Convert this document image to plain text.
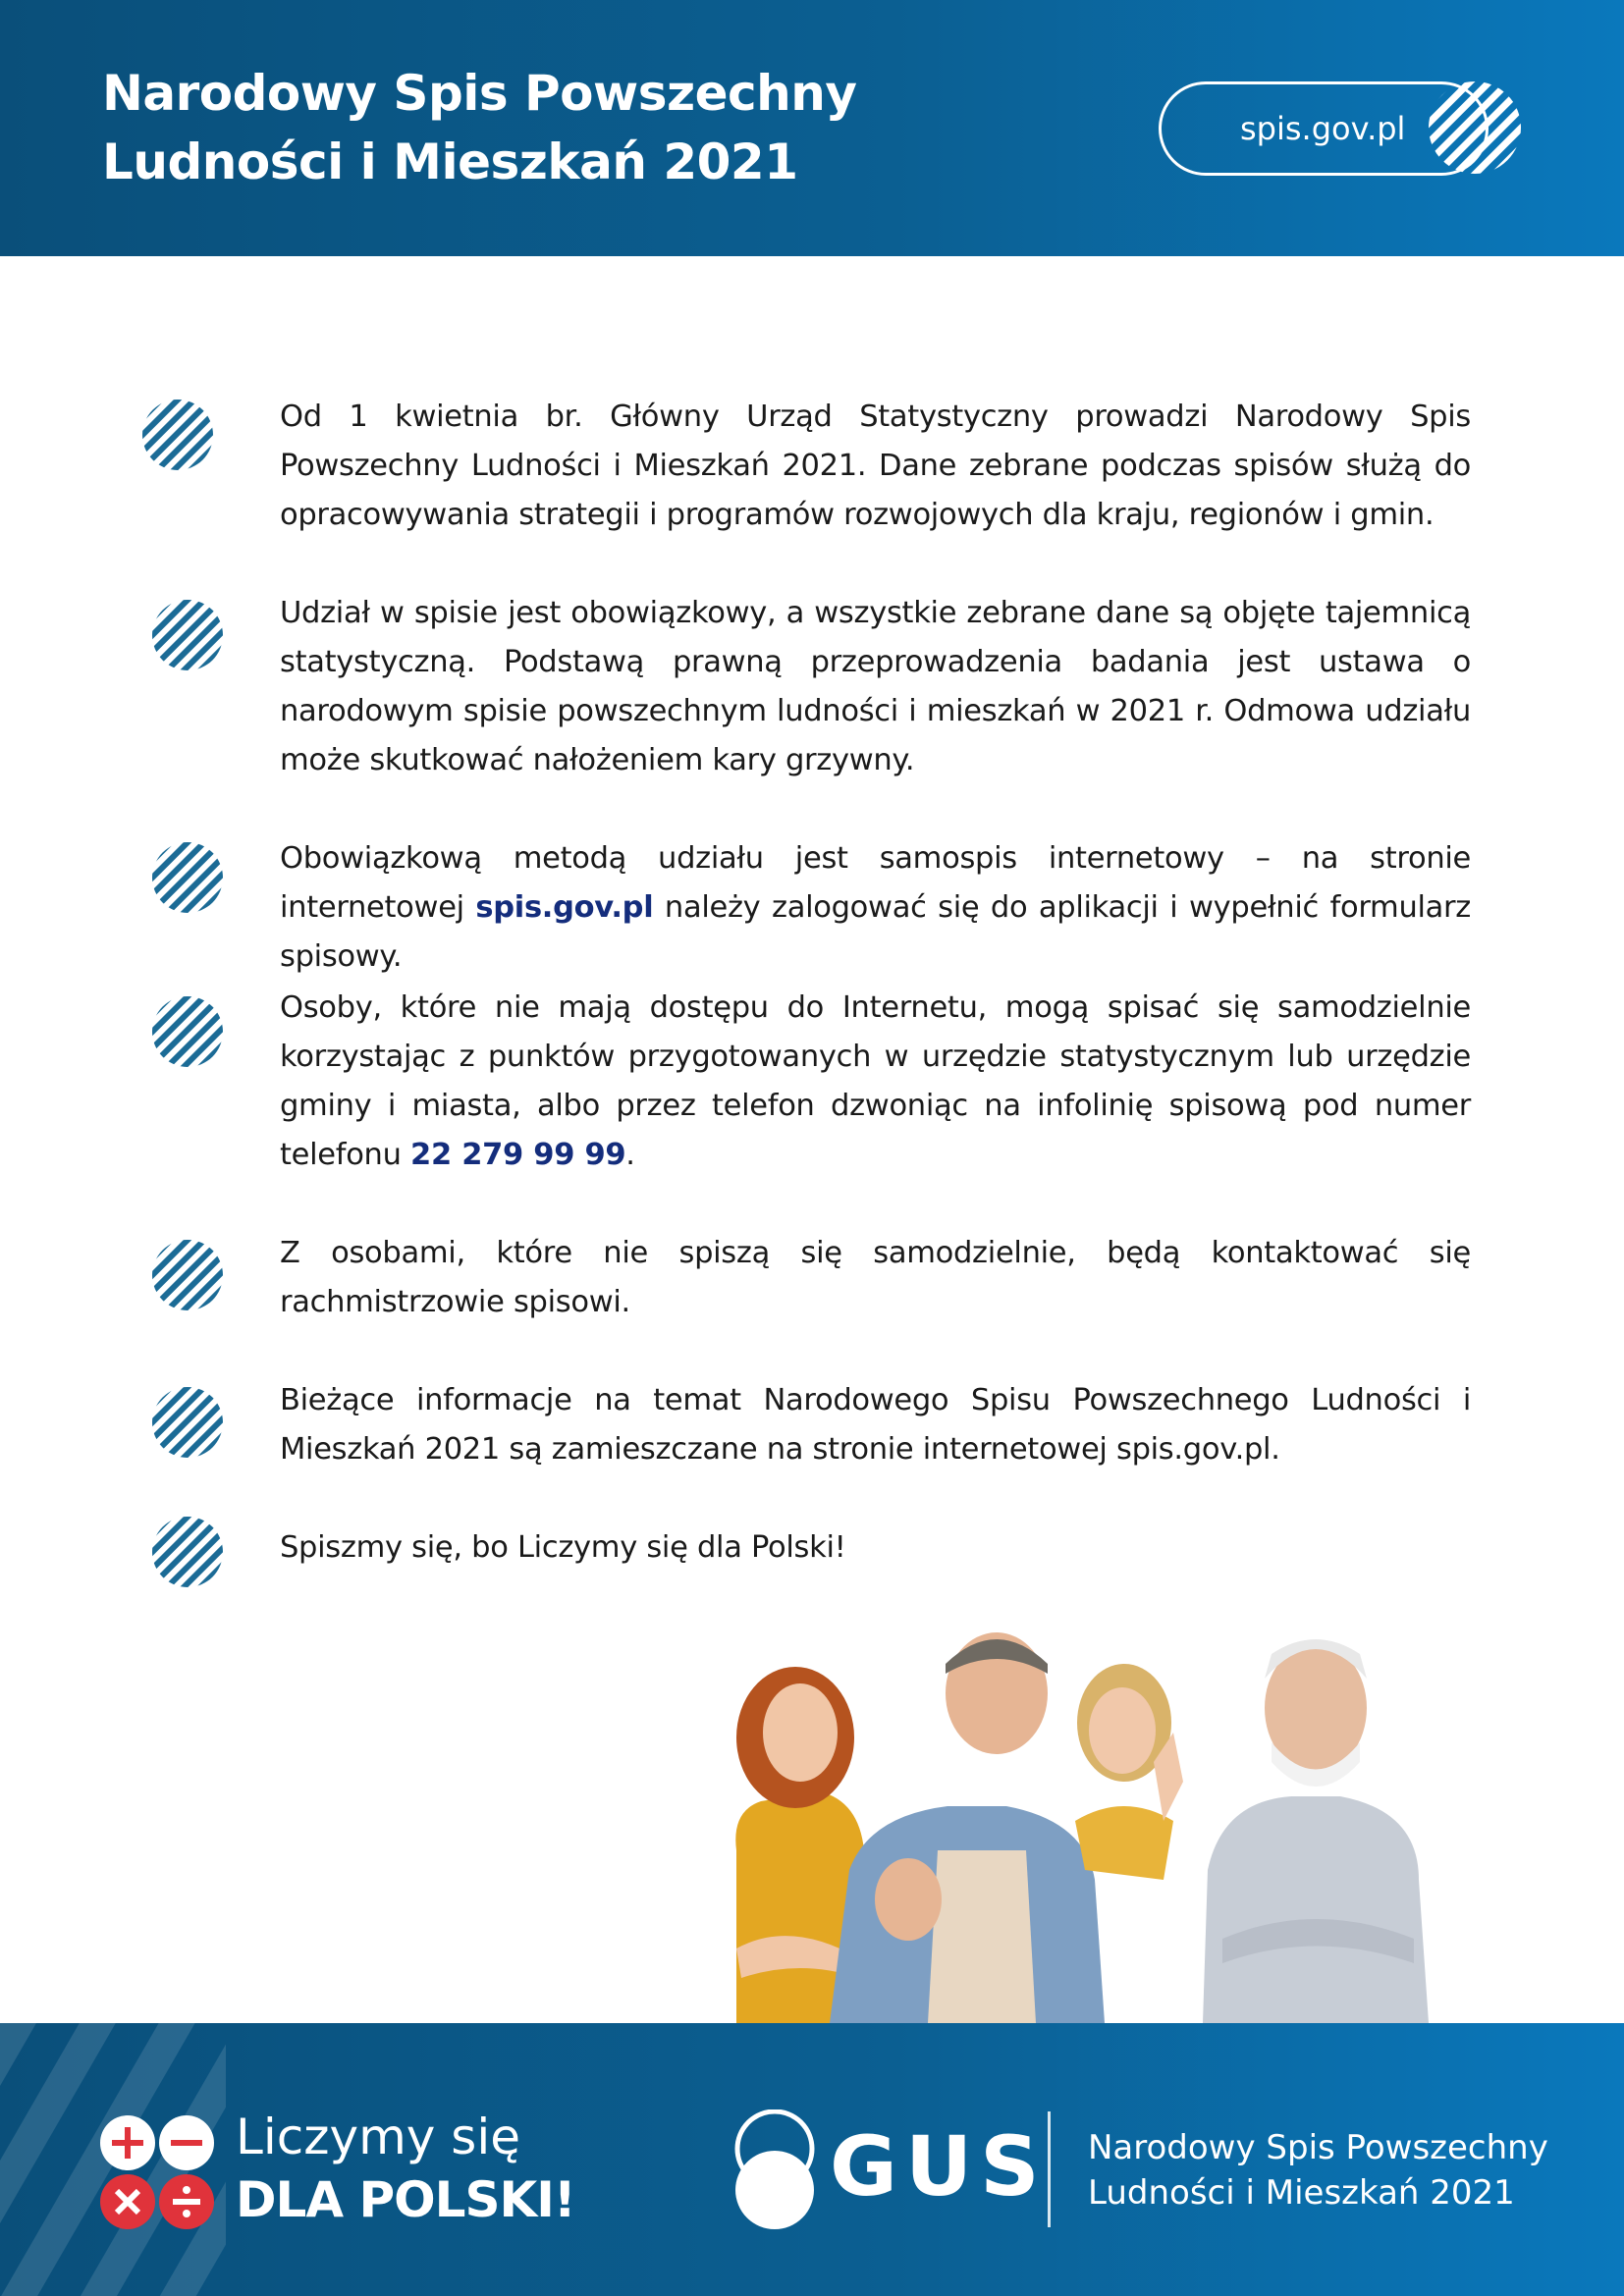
Narodowy Spis Powszechny
Ludności i Mieszkań 2021
spis.gov.pl
Od 1 kwietnia br. Główny Urząd Statystyczny prowadzi Narodowy Spis Powszechny Ludności i Mieszkań 2021. Dane zebrane podczas spisów służą do opracowywania strategii i programów rozwojowych dla kraju, regionów i gmin.
Udział w spisie jest obowiązkowy, a wszystkie zebrane dane są objęte tajemnicą statystyczną. Podstawą prawną przeprowadzenia badania jest ustawa o narodowym spisie powszechnym ludności i mieszkań w 2021 r. Odmowa udziału może skutkować nałożeniem kary grzywny.
Obowiązkową metodą udziału jest samospis internetowy – na stronie internetowej spis.gov.pl należy zalogować się do aplikacji i wypełnić formularz spisowy.
Osoby, które nie mają dostępu do Internetu, mogą spisać się samodzielnie korzystając z punktów przygotowanych w urzędzie statystycznym lub urzędzie gminy i miasta, albo przez telefon dzwoniąc na infolinię spisową pod numer telefonu 22 279 99 99.
Z osobami, które nie spiszą się samodzielnie, będą kontaktować się rachmistrzowie spisowi.
Bieżące informacje na temat Narodowego Spisu Powszechnego Ludności i Mieszkań 2021 są zamieszczane na stronie internetowej spis.gov.pl.
Spiszmy się, bo Liczymy się dla Polski!
Liczymy się
DLA POLSKI!	GUS Narodowy Spis Powszechny
Ludności i Mieszkań 2021
